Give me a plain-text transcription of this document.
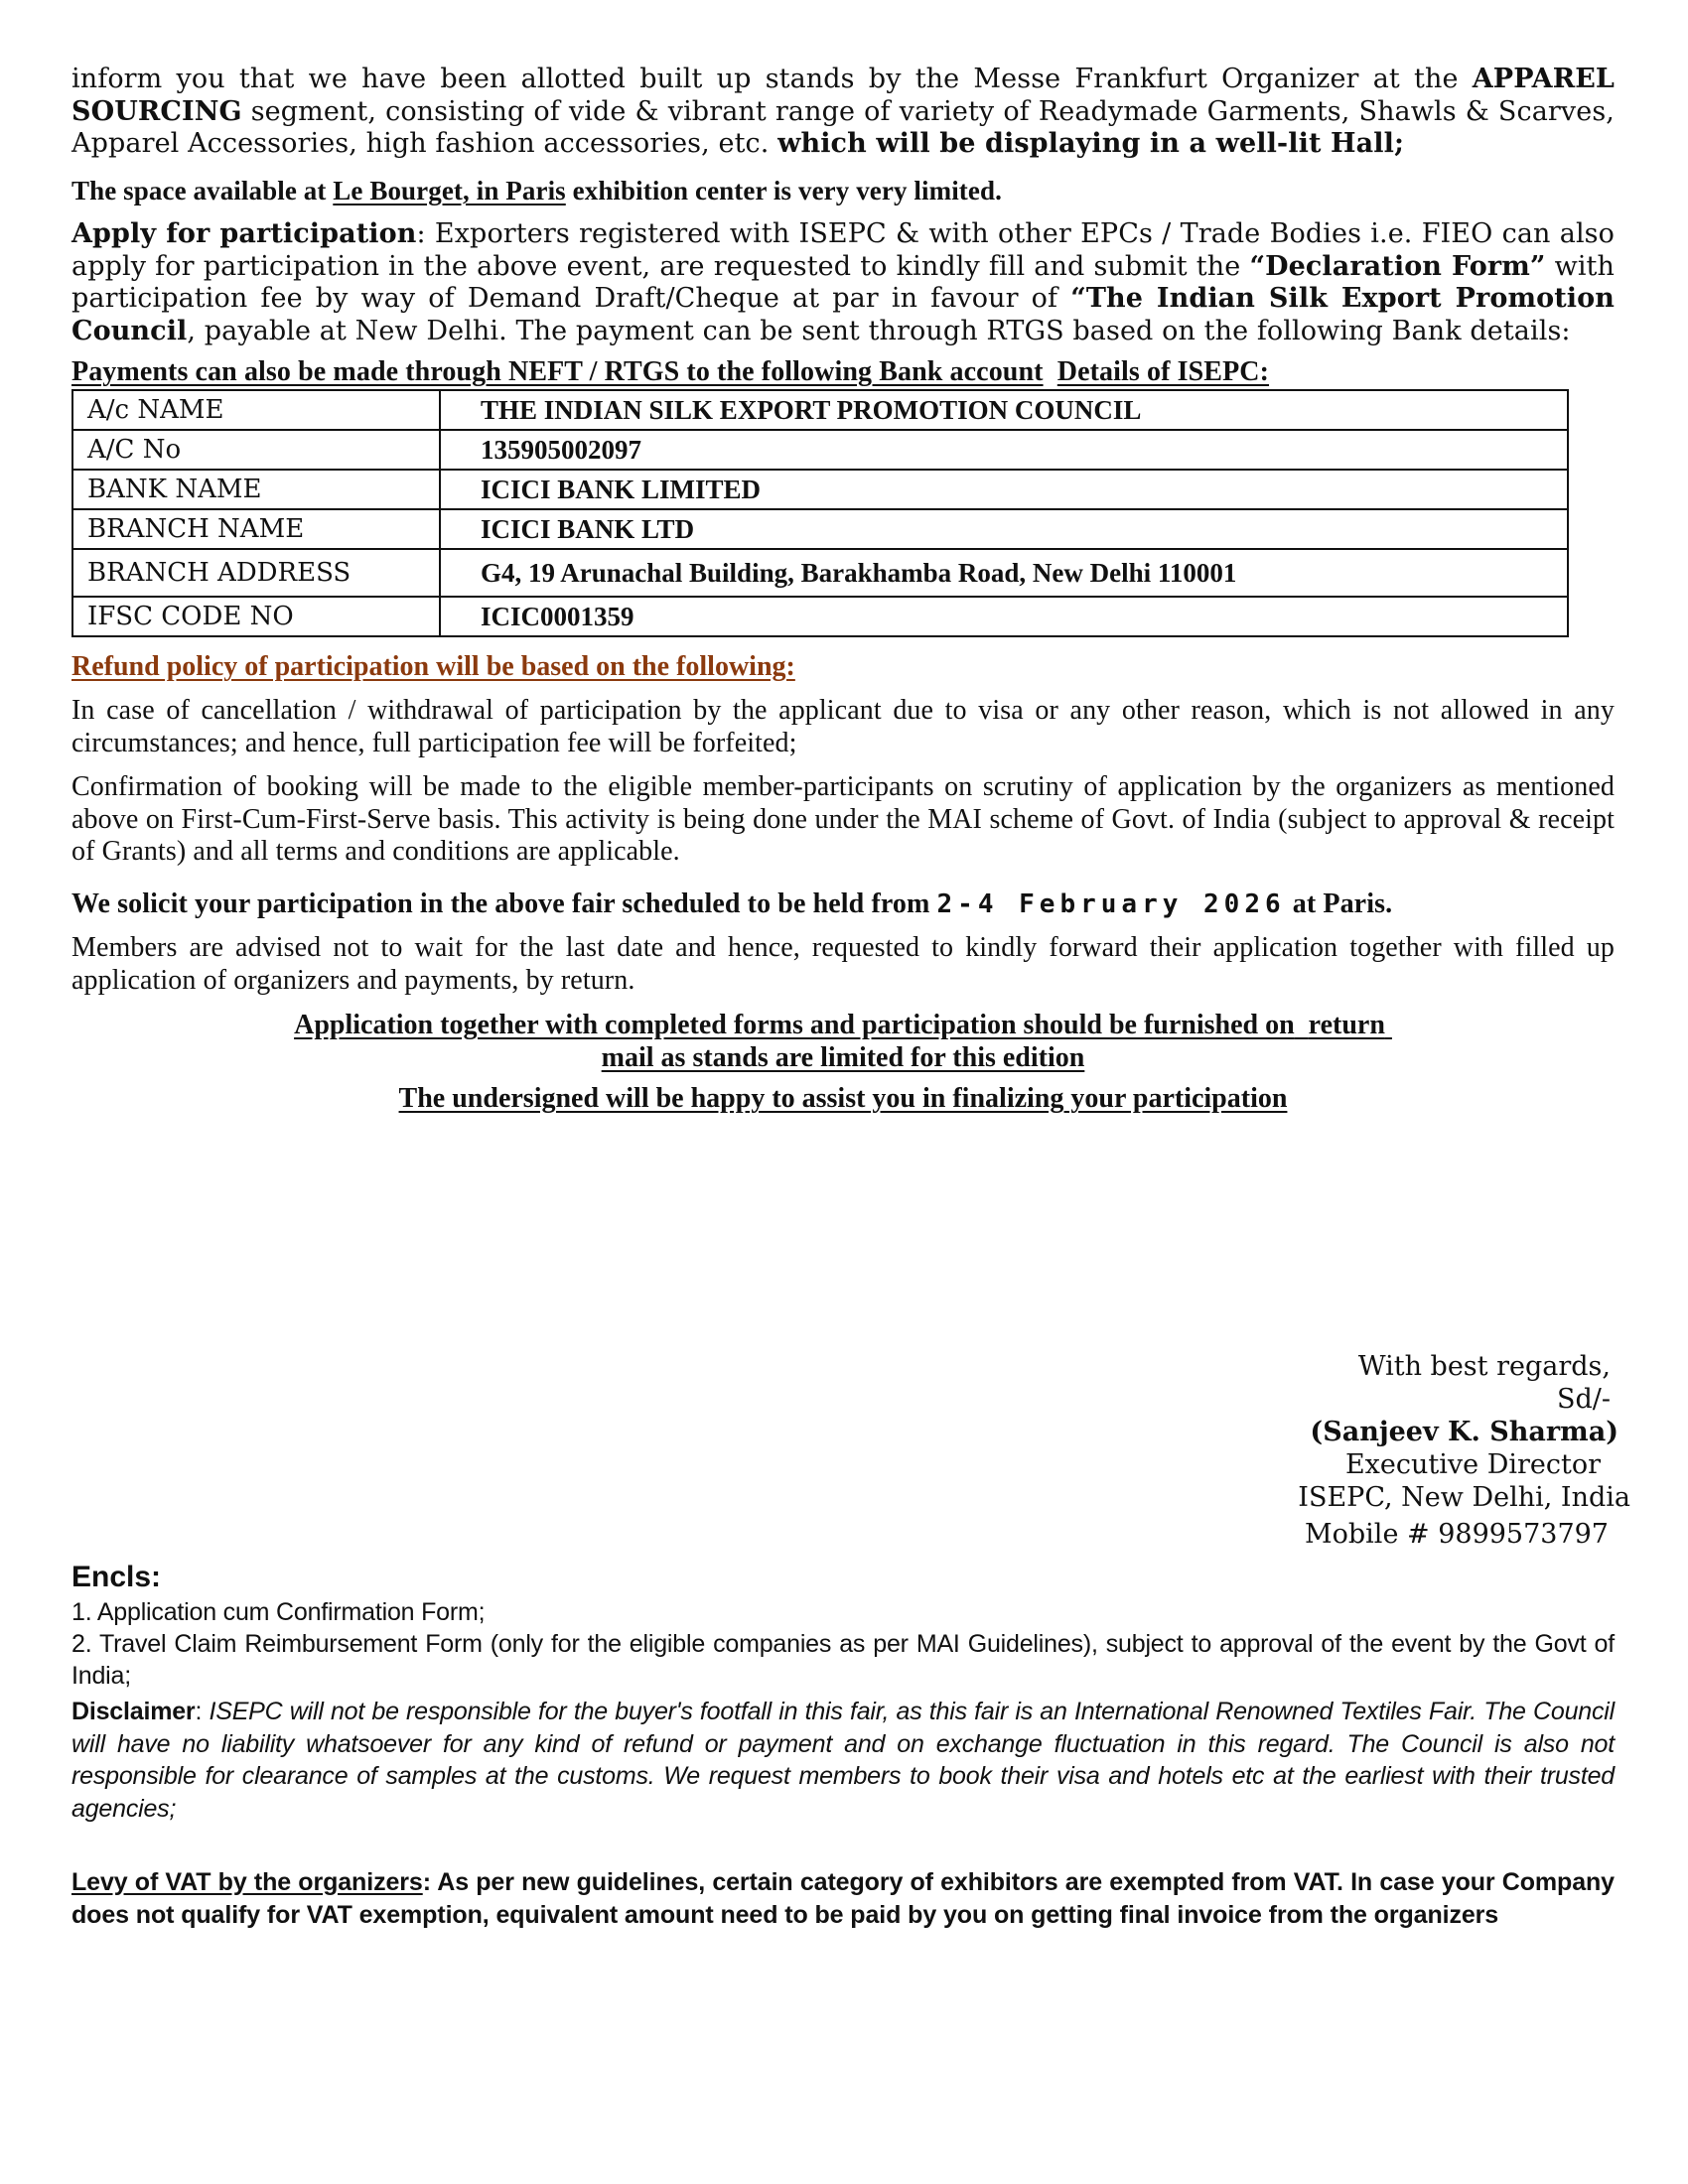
inform you that we have been allotted built up stands by the Messe Frankfurt Organizer at the APPAREL SOURCING segment, consisting of vide & vibrant range of variety of Readymade Garments, Shawls & Scarves, Apparel Accessories, high fashion accessories, etc. which will be displaying in a well-lit Hall;

The space available at Le Bourget, in Paris exhibition center is very very limited.

Apply for participation: Exporters registered with ISEPC & with other EPCs / Trade Bodies i.e. FIEO can also apply for participation in the above event, are requested to kindly fill and submit the “Declaration Form” with participation fee by way of Demand Draft/Cheque at par in favour of “The Indian Silk Export Promotion Council, payable at New Delhi. The payment can be sent through RTGS based on the following Bank details:

Payments can also be made through NEFT / RTGS to the following Bank account Details of ISEPC:

A/c NAME	THE INDIAN SILK EXPORT PROMOTION COUNCIL
A/C No	135905002097
BANK NAME	ICICI BANK LIMITED
BRANCH NAME	ICICI BANK LTD
BRANCH ADDRESS	G4, 19 Arunachal Building, Barakhamba Road, New Delhi 110001
IFSC CODE NO	ICIC0001359
Refund policy of participation will be based on the following:

In case of cancellation / withdrawal of participation by the applicant due to visa or any other reason, which is not allowed in any circumstances; and hence, full participation fee will be forfeited;

Confirmation of booking will be made to the eligible member-participants on scrutiny of application by the organizers as mentioned above on First-Cum-First-Serve basis. This activity is being done under the MAI scheme of Govt. of India (subject to approval & receipt of Grants) and all terms and conditions are applicable.

We solicit your participation in the above fair scheduled to be held from 2-4 February 2026 at Paris.

Members are advised not to wait for the last date and hence, requested to kindly forward their application together with filled up application of organizers and payments, by return.

Application together with completed forms and participation should be furnished on return
mail as stands are limited for this edition
The undersigned will be happy to assist you in finalizing your participation
With best regards,
Sd/-
(Sanjeev K. Sharma)
Executive Director
ISEPC, New Delhi, India
Mobile # 9899573797
Encls:
1. Application cum Confirmation Form;
2. Travel Claim Reimbursement Form (only for the eligible companies as per MAI Guidelines), subject to approval of the event by the Govt of India;

Disclaimer: ISEPC will not be responsible for the buyer's footfall in this fair, as this fair is an International Renowned Textiles Fair. The Council will have no liability whatsoever for any kind of refund or payment and on exchange fluctuation in this regard. The Council is also not responsible for clearance of samples at the customs. We request members to book their visa and hotels etc at the earliest with their trusted agencies;

Levy of VAT by the organizers: As per new guidelines, certain category of exhibitors are exempted from VAT. In case your Company does not qualify for VAT exemption, equivalent amount need to be paid by you on getting final invoice from the organizers
